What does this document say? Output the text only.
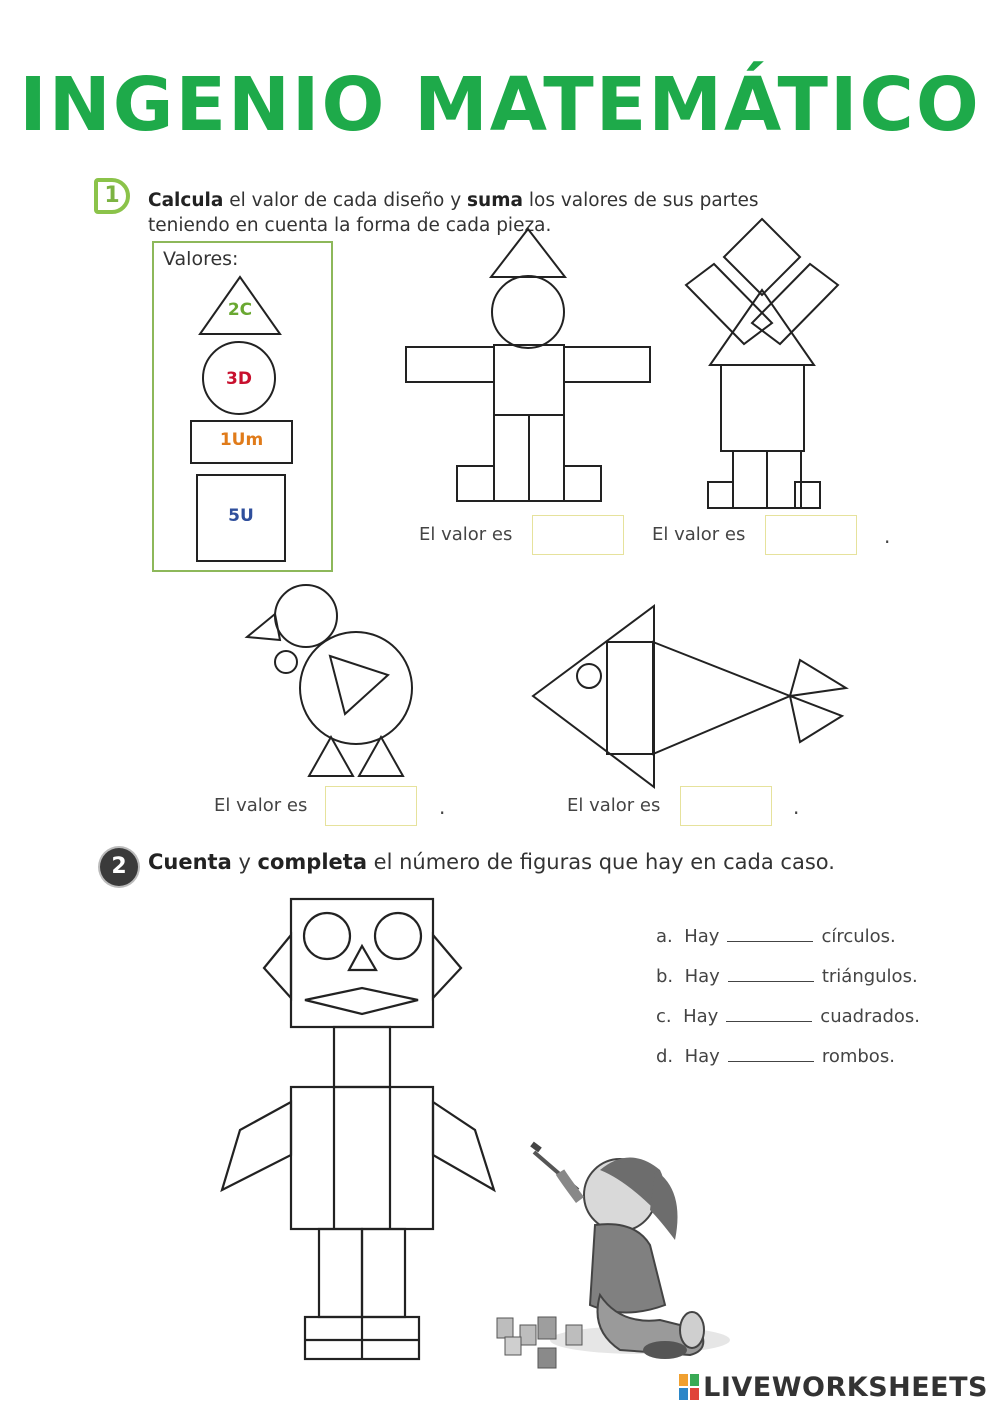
INGENIO MATEMÁTICO
1	Calcula el valor de cada diseño y suma los valores de sus partes
teniendo en cuenta la forma de cada pieza.
Valores:
2C
3D
1Um
5U
El valor es	El valor es	.
El valor es	.	El valor es	.
2	Cuenta y completa el número de figuras que hay en cada caso.
a. Hay	círculos.
b. Hay	triángulos.
c. Hay	cuadrados.
d. Hay	rombos.
LIVEWORKSHEETS
